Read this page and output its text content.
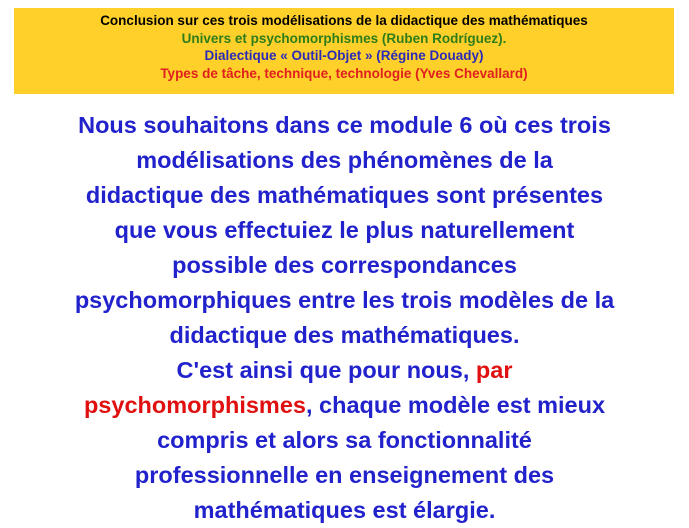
Conclusion sur ces trois modélisations de la didactique des mathématiques
Univers et psychomorphismes (Ruben Rodríguez).
Dialectique « Outil-Objet » (Régine Douady)
Types de tâche, technique, technologie (Yves Chevallard)
Nous souhaitons dans ce module 6 où ces trois
modélisations des phénomènes de la
didactique des mathématiques sont présentes
que vous effectuiez le plus naturellement
possible des correspondances
psychomorphiques entre les trois modèles de la
didactique des mathématiques.
C'est ainsi que pour nous, par
psychomorphismes, chaque modèle est mieux
compris et alors sa fonctionnalité
professionnelle en enseignement des
mathématiques est élargie.
